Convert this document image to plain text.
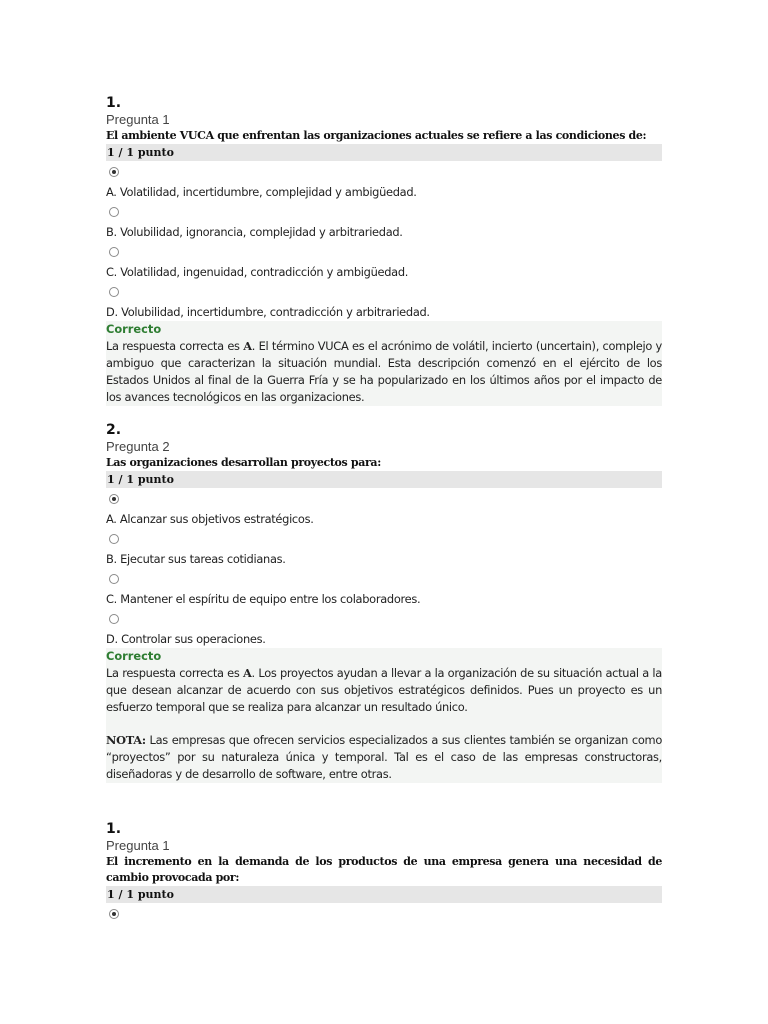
1.
Pregunta 1
El ambiente VUCA que enfrentan las organizaciones actuales se refiere a las condiciones de:
1 / 1 punto
A. Volatilidad, incertidumbre, complejidad y ambigüedad.
B. Volubilidad, ignorancia, complejidad y arbitrariedad.
C. Volatilidad, ingenuidad, contradicción y ambigüedad.
D. Volubilidad, incertidumbre, contradicción y arbitrariedad.
Correcto
La respuesta correcta es A. El término VUCA es el acrónimo de volátil, incierto (uncertain), complejo y ambiguo que caracterizan la situación mundial. Esta descripción comenzó en el ejército de los Estados Unidos al final de la Guerra Fría y se ha popularizado en los últimos años por el impacto de los avances tecnológicos en las organizaciones.
2.
Pregunta 2
Las organizaciones desarrollan proyectos para:
1 / 1 punto
A. Alcanzar sus objetivos estratégicos.
B. Ejecutar sus tareas cotidianas.
C. Mantener el espíritu de equipo entre los colaboradores.
D. Controlar sus operaciones.
Correcto
La respuesta correcta es A. Los proyectos ayudan a llevar a la organización de su situación actual a la que desean alcanzar de acuerdo con sus objetivos estratégicos definidos. Pues un proyecto es un esfuerzo temporal que se realiza para alcanzar un resultado único.
NOTA: Las empresas que ofrecen servicios especializados a sus clientes también se organizan como “proyectos” por su naturaleza única y temporal. Tal es el caso de las empresas constructoras, diseñadoras y de desarrollo de software, entre otras.
1.
Pregunta 1
El incremento en la demanda de los productos de una empresa genera una necesidad de cambio provocada por:
1 / 1 punto
